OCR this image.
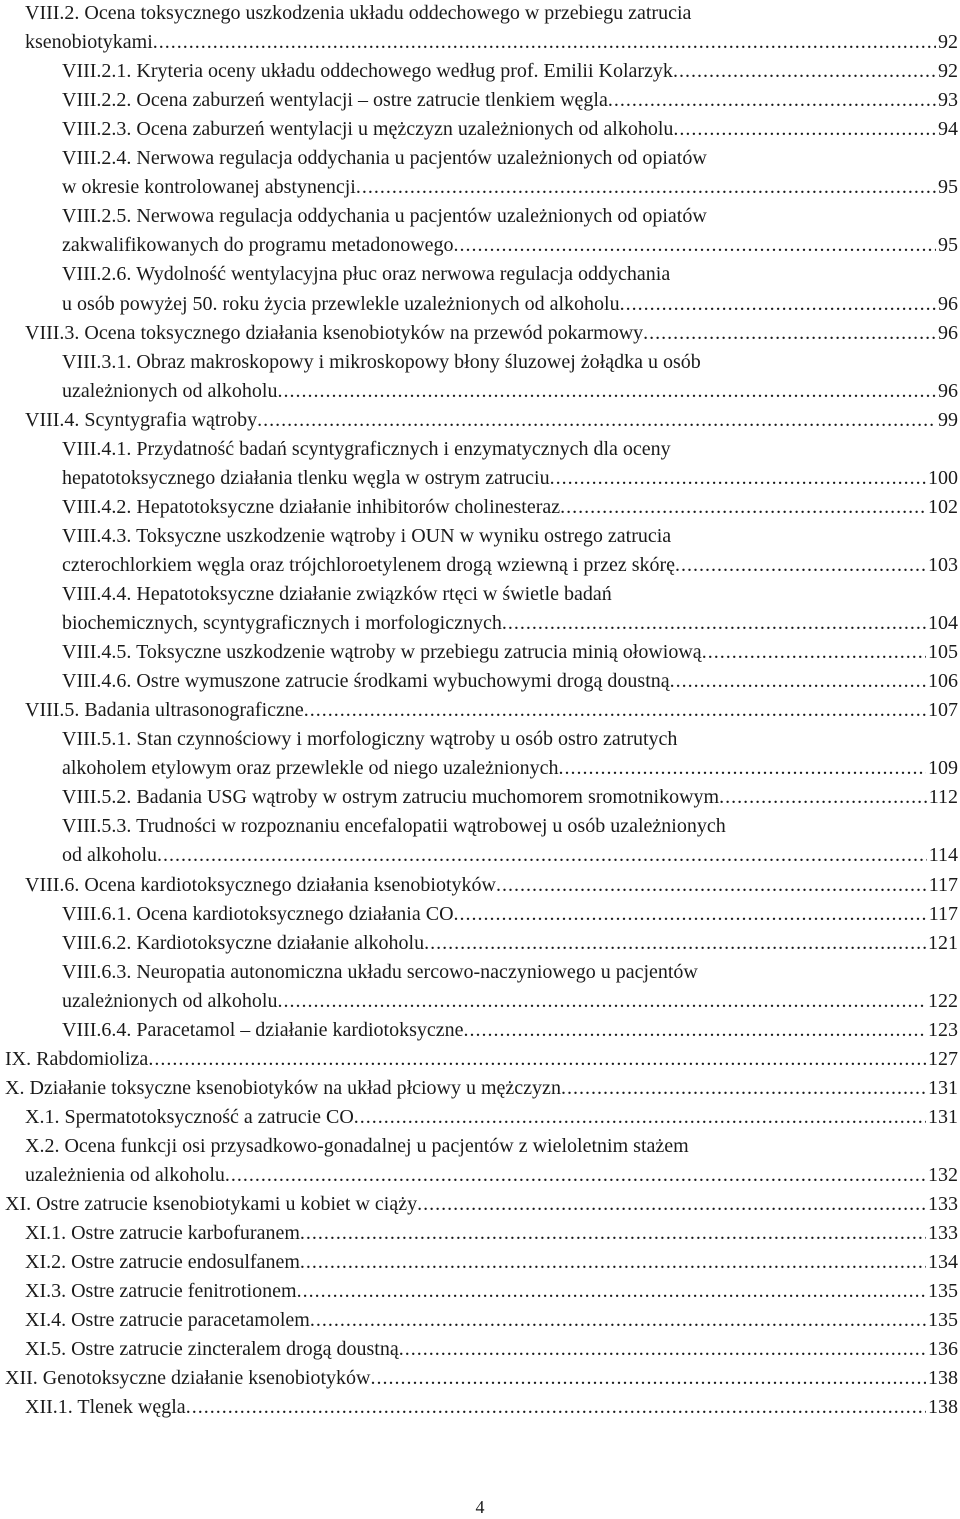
VIII.2. Ocena toksycznego uszkodzenia układu oddechowego w przebiegu zatrucia
ksenobiotykami .....	92
VIII.2.1. Kryteria oceny układu oddechowego według prof. Emilii Kolarzyk .....	92
VIII.2.2. Ocena zaburzeń wentylacji – ostre zatrucie tlenkiem węgla .....	93
VIII.2.3. Ocena zaburzeń wentylacji u mężczyzn uzależnionych od alkoholu .....	94
VIII.2.4. Nerwowa regulacja oddychania u pacjentów uzależnionych od opiatów
w okresie kontrolowanej abstynencji .....	95
VIII.2.5. Nerwowa regulacja oddychania u pacjentów uzależnionych od opiatów
zakwalifikowanych do programu metadonowego .....	95
VIII.2.6. Wydolność wentylacyjna płuc oraz nerwowa regulacja oddychania
u osób powyżej 50. roku życia przewlekle uzależnionych od alkoholu .....	96
VIII.3. Ocena toksycznego działania ksenobiotyków na przewód pokarmowy .....	96
VIII.3.1. Obraz makroskopowy i mikroskopowy błony śluzowej żołądka u osób
uzależnionych od alkoholu .....	96
VIII.4. Scyntygrafia wątroby .....	99
VIII.4.1. Przydatność badań scyntygraficznych i enzymatycznych dla oceny
hepatotoksycznego działania tlenku węgla w ostrym zatruciu .....	100
VIII.4.2. Hepatotoksyczne działanie inhibitorów cholinesteraz .....	102
VIII.4.3. Toksyczne uszkodzenie wątroby i OUN w wyniku ostrego zatrucia
czterochlorkiem węgla oraz trójchloroetylenem drogą wziewną i przez skórę .....	103
VIII.4.4. Hepatotoksyczne działanie związków rtęci w świetle badań
biochemicznych, scyntygraficznych i morfologicznych .....	104
VIII.4.5. Toksyczne uszkodzenie wątroby w przebiegu zatrucia minią ołowiową .....	105
VIII.4.6. Ostre wymuszone zatrucie środkami wybuchowymi drogą doustną .....	106
VIII.5. Badania ultrasonograficzne .....	107
VIII.5.1. Stan czynnościowy i morfologiczny wątroby u osób ostro zatrutych
alkoholem etylowym oraz przewlekle od niego uzależnionych .....	109
VIII.5.2. Badania USG wątroby w ostrym zatruciu muchomorem sromotnikowym .....	112
VIII.5.3. Trudności w rozpoznaniu encefalopatii wątrobowej u osób uzależnionych
od alkoholu .....	114
VIII.6. Ocena kardiotoksycznego działania ksenobiotyków .....	117
VIII.6.1. Ocena kardiotoksycznego działania CO .....	117
VIII.6.2. Kardiotoksyczne działanie alkoholu .....	121
VIII.6.3. Neuropatia autonomiczna układu sercowo-naczyniowego u pacjentów
uzależnionych od alkoholu .....	122
VIII.6.4. Paracetamol – działanie kardiotoksyczne .....	123
IX. Rabdomioliza .....	127
X. Działanie toksyczne ksenobiotyków na układ płciowy u mężczyzn .....	131
X.1. Spermatotoksyczność a zatrucie CO .....	131
X.2. Ocena funkcji osi przysadkowo-gonadalnej u pacjentów z wieloletnim stażem
uzależnienia od alkoholu .....	132
XI. Ostre zatrucie ksenobiotykami u kobiet w ciąży .....	133
XI.1. Ostre zatrucie karbofuranem .....	133
XI.2. Ostre zatrucie endosulfanem .....	134
XI.3. Ostre zatrucie fenitrotionem .....	135
XI.4. Ostre zatrucie paracetamolem .....	135
XI.5. Ostre zatrucie zincteralem drogą doustną .....	136
XII. Genotoksyczne działanie ksenobiotyków .....	138
XII.1. Tlenek węgla .....	138
4
